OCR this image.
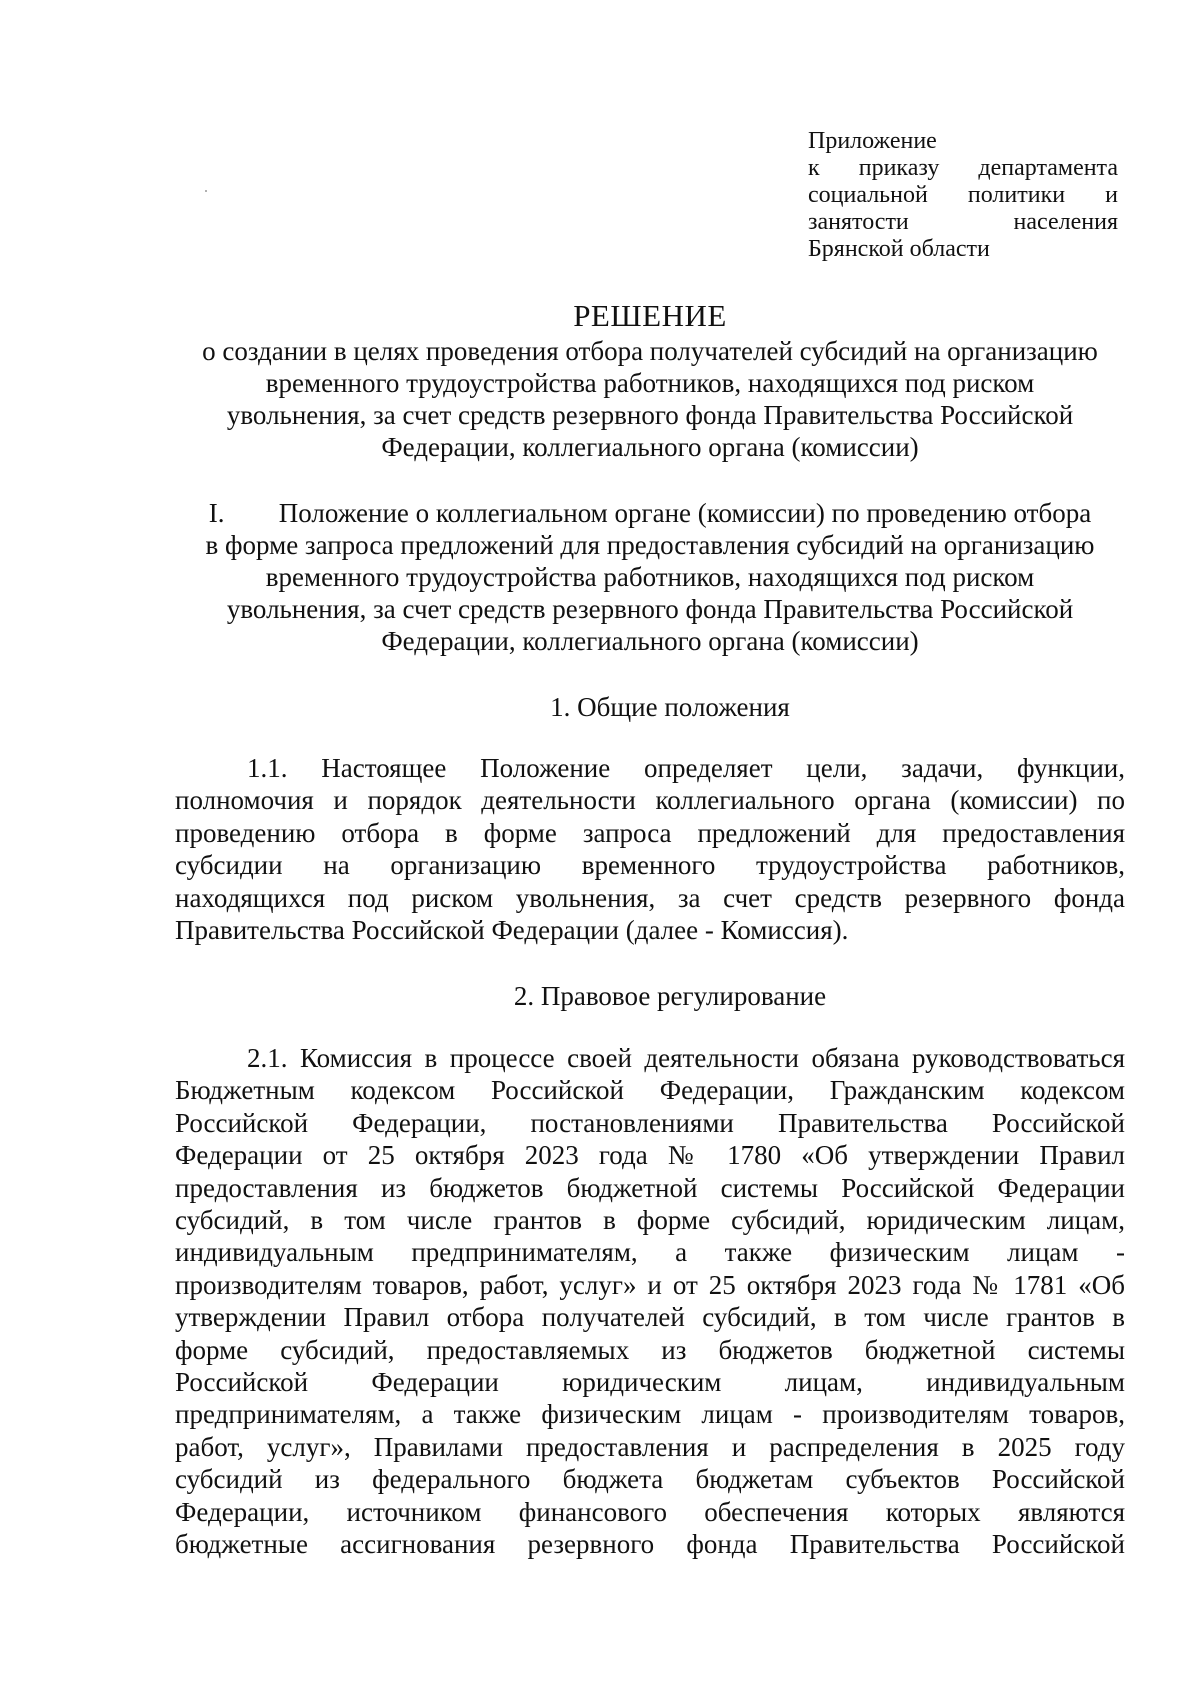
Приложение
к приказу департамента
социальной политики и
занятости населения
Брянской области
РЕШЕНИЕ
о создании в целях проведения отбора получателей субсидий на организацию
временного трудоустройства работников, находящихся под риском
увольнения, за счет средств резервного фонда Правительства Российской
Федерации, коллегиального органа (комиссии)
I. Положение о коллегиальном органе (комиссии) по проведению отбора
в форме запроса предложений для предоставления субсидий на организацию
временного трудоустройства работников, находящихся под риском
увольнения, за счет средств резервного фонда Правительства Российской
Федерации, коллегиального органа (комиссии)
1. Общие положения
1.1. Настоящее Положение определяет цели, задачи, функции,
полномочия и порядок деятельности коллегиального органа (комиссии) по
проведению отбора в форме запроса предложений для предоставления
субсидии на организацию временного трудоустройства работников,
находящихся под риском увольнения, за счет средств резервного фонда
Правительства Российской Федерации (далее - Комиссия).
2. Правовое регулирование
2.1. Комиссия в процессе своей деятельности обязана руководствоваться
Бюджетным кодексом Российской Федерации, Гражданским кодексом
Российской Федерации, постановлениями Правительства Российской
Федерации от 25 октября 2023 года № 1780 «Об утверждении Правил
предоставления из бюджетов бюджетной системы Российской Федерации
субсидий, в том числе грантов в форме субсидий, юридическим лицам,
индивидуальным предпринимателям, а также физическим лицам -
производителям товаров, работ, услуг» и от 25 октября 2023 года № 1781 «Об
утверждении Правил отбора получателей субсидий, в том числе грантов в
форме субсидий, предоставляемых из бюджетов бюджетной системы
Российской Федерации юридическим лицам, индивидуальным
предпринимателям, а также физическим лицам - производителям товаров,
работ, услуг», Правилами предоставления и распределения в 2025 году
субсидий из федерального бюджета бюджетам субъектов Российской
Федерации, источником финансового обеспечения которых являются
бюджетные ассигнования резервного фонда Правительства Российской
